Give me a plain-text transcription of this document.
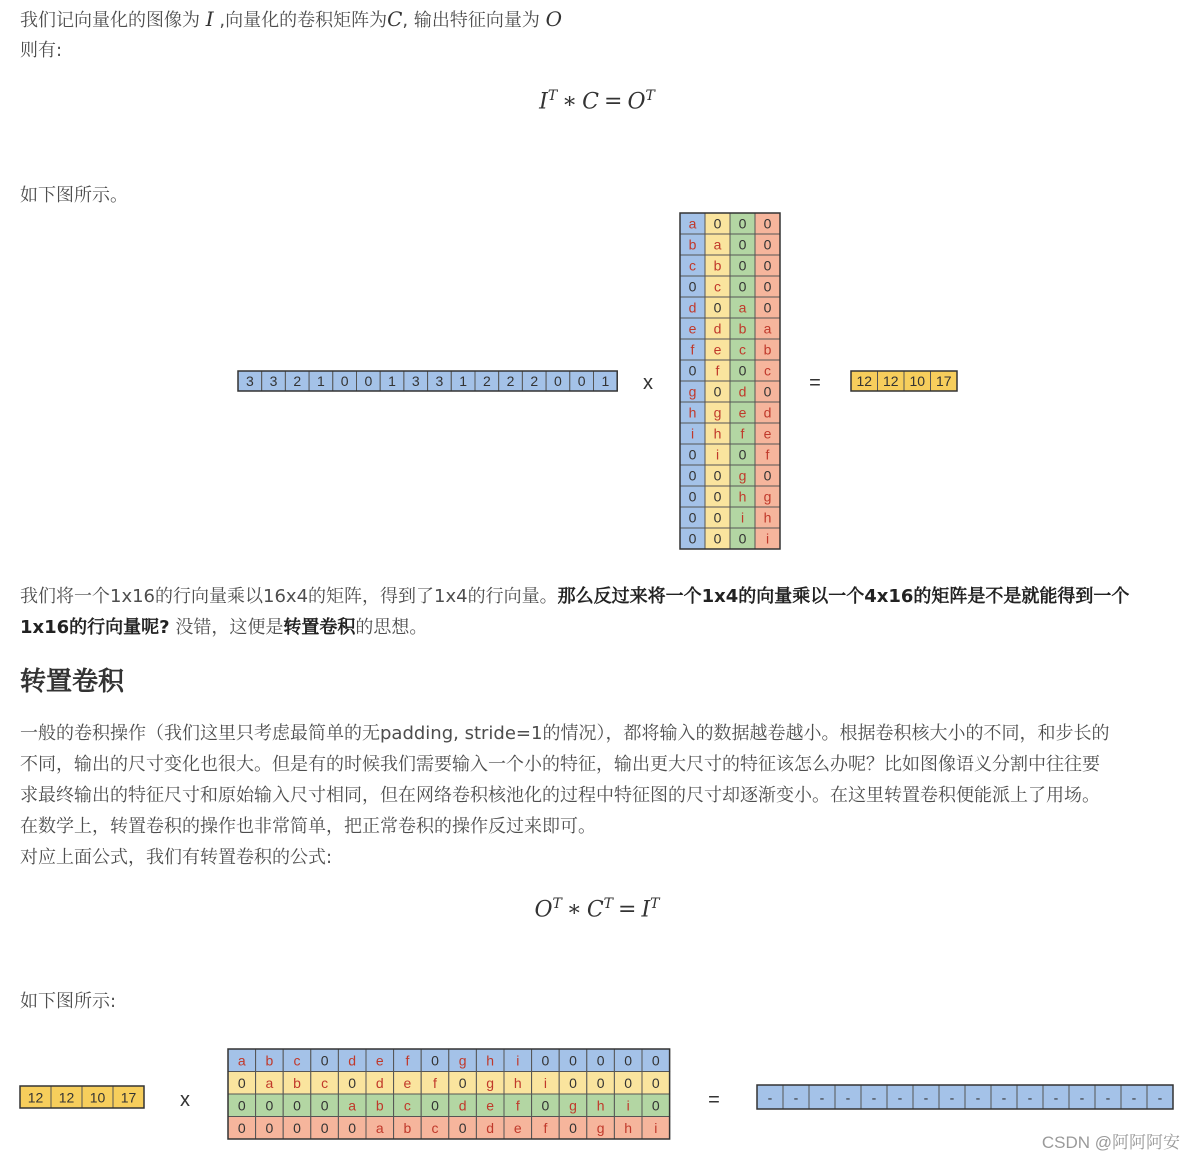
我们记向量化的图像为 I ,向量化的卷积矩阵为C, 输出特征向量为 O

则有:

$I^T$ ∗ $C = O^T$

如下图所示。

3 3 2 1 0 0 1 3 3 1 2 2 2 0 0 1 x
a
b
c
0
d
e
f
0
g
h
i
0
0
0
0
0
0
a
b
c
0
d
e
f
0
g
h
i
0
0
0
0
0
0
0
0
a
b
c
0
d
e
f
0
g
h
i
0
0
0
0
0
0
a
b
c
0
d
e
f
0
g
h
i
=	12 12 10 17

我们将一个1x16的行向量乘以16x4的矩阵，得到了1x4的行向量。那么反过来将一个1x4的向量乘以一个4x16的矩阵是不是就能得到一个

1x16的行向量呢? 没错，这便是转置卷积的思想。

转置卷积

一般的卷积操作（我们这里只考虑最简单的无padding, stride=1的情况），都将输入的数据越卷越小。根据卷积核大小的不同，和步长的

不同，输出的尺寸变化也很大。但是有的时候我们需要输入一个小的特征，输出更大尺寸的特征该怎么办呢？比如图像语义分割中往往要

求最终输出的特征尺寸和原始输入尺寸相同，但在网络卷积核池化的过程中特征图的尺寸却逐渐变小。在这里转置卷积便能派上了用场。

在数学上，转置卷积的操作也非常简单，把正常卷积的操作反过来即可。

对应上面公式，我们有转置卷积的公式:

$O^T$ ∗ $C^T = I^T$

如下图所示:

12 12 10 17 x
a b c 0 d e f 0 g h i 0 0 0 0 0
0 a b c 0 d e f 0 g h i 0 0 0 0
0 0 0 0 a b c 0 d e f 0 g h i 0
0 0 0 0 0 a b c 0 d e f 0 g h i
=	- - - - - - - - - - - - - - - -
CSDN @阿阿阿安
